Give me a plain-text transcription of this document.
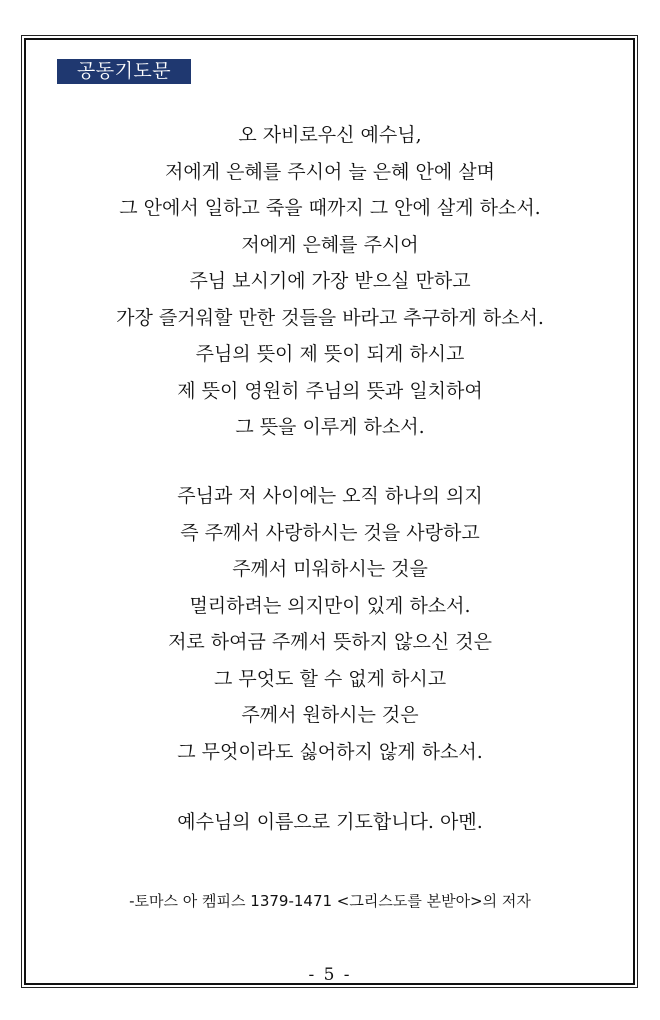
공동기도문
오 자비로우신 예수님,
저에게 은혜를 주시어 늘 은혜 안에 살며
그 안에서 일하고 죽을 때까지 그 안에 살게 하소서.
저에게 은혜를 주시어
주님 보시기에 가장 받으실 만하고
가장 즐거워할 만한 것들을 바라고 추구하게 하소서.
주님의 뜻이 제 뜻이 되게 하시고
제 뜻이 영원히 주님의 뜻과 일치하여
그 뜻을 이루게 하소서.
주님과 저 사이에는 오직 하나의 의지
즉 주께서 사랑하시는 것을 사랑하고
주께서 미워하시는 것을
멀리하려는 의지만이 있게 하소서.
저로 하여금 주께서 뜻하지 않으신 것은
그 무엇도 할 수 없게 하시고
주께서 원하시는 것은
그 무엇이라도 싫어하지 않게 하소서.
예수님의 이름으로 기도합니다. 아멘.
-토마스 아 켐피스 1379-1471 <그리스도를 본받아>의 저자
- 5 -
